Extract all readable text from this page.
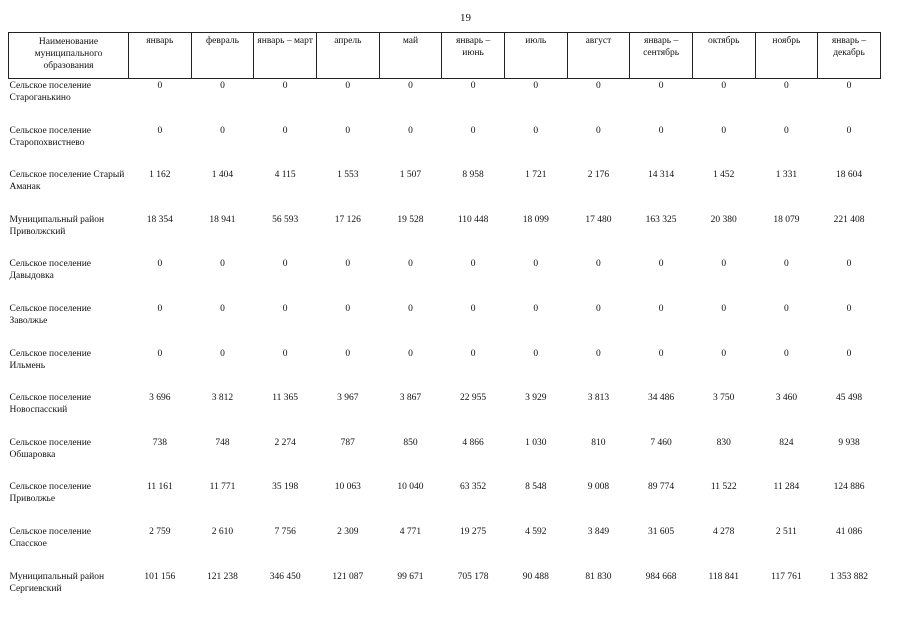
19
Наименование муниципального образования	январь	февраль	январь – март	апрель	май	январь – июнь	июль	август	январь – сентябрь	октябрь	ноябрь	январь – декабрь
Сельское поселение Староганькино	0	0	0	0	0	0	0	0	0	0	0	0
Сельское поселение Старопохвистнево	0	0	0	0	0	0	0	0	0	0	0	0
Сельское поселение Старый Аманак	1 162	1 404	4 115	1 553	1 507	8 958	1 721	2 176	14 314	1 452	1 331	18 604
Муниципальный район Приволжский	18 354	18 941	56 593	17 126	19 528	110 448	18 099	17 480	163 325	20 380	18 079	221 408
Сельское поселение Давыдовка	0	0	0	0	0	0	0	0	0	0	0	0
Сельское поселение Заволжье	0	0	0	0	0	0	0	0	0	0	0	0
Сельское поселение Ильмень	0	0	0	0	0	0	0	0	0	0	0	0
Сельское поселение Новоспасский	3 696	3 812	11 365	3 967	3 867	22 955	3 929	3 813	34 486	3 750	3 460	45 498
Сельское поселение Обшаровка	738	748	2 274	787	850	4 866	1 030	810	7 460	830	824	9 938
Сельское поселение Приволжье	11 161	11 771	35 198	10 063	10 040	63 352	8 548	9 008	89 774	11 522	11 284	124 886
Сельское поселение Спасское	2 759	2 610	7 756	2 309	4 771	19 275	4 592	3 849	31 605	4 278	2 511	41 086
Муниципальный район Сергиевский	101 156	121 238	346 450	121 087	99 671	705 178	90 488	81 830	984 668	118 841	117 761	1 353 882
